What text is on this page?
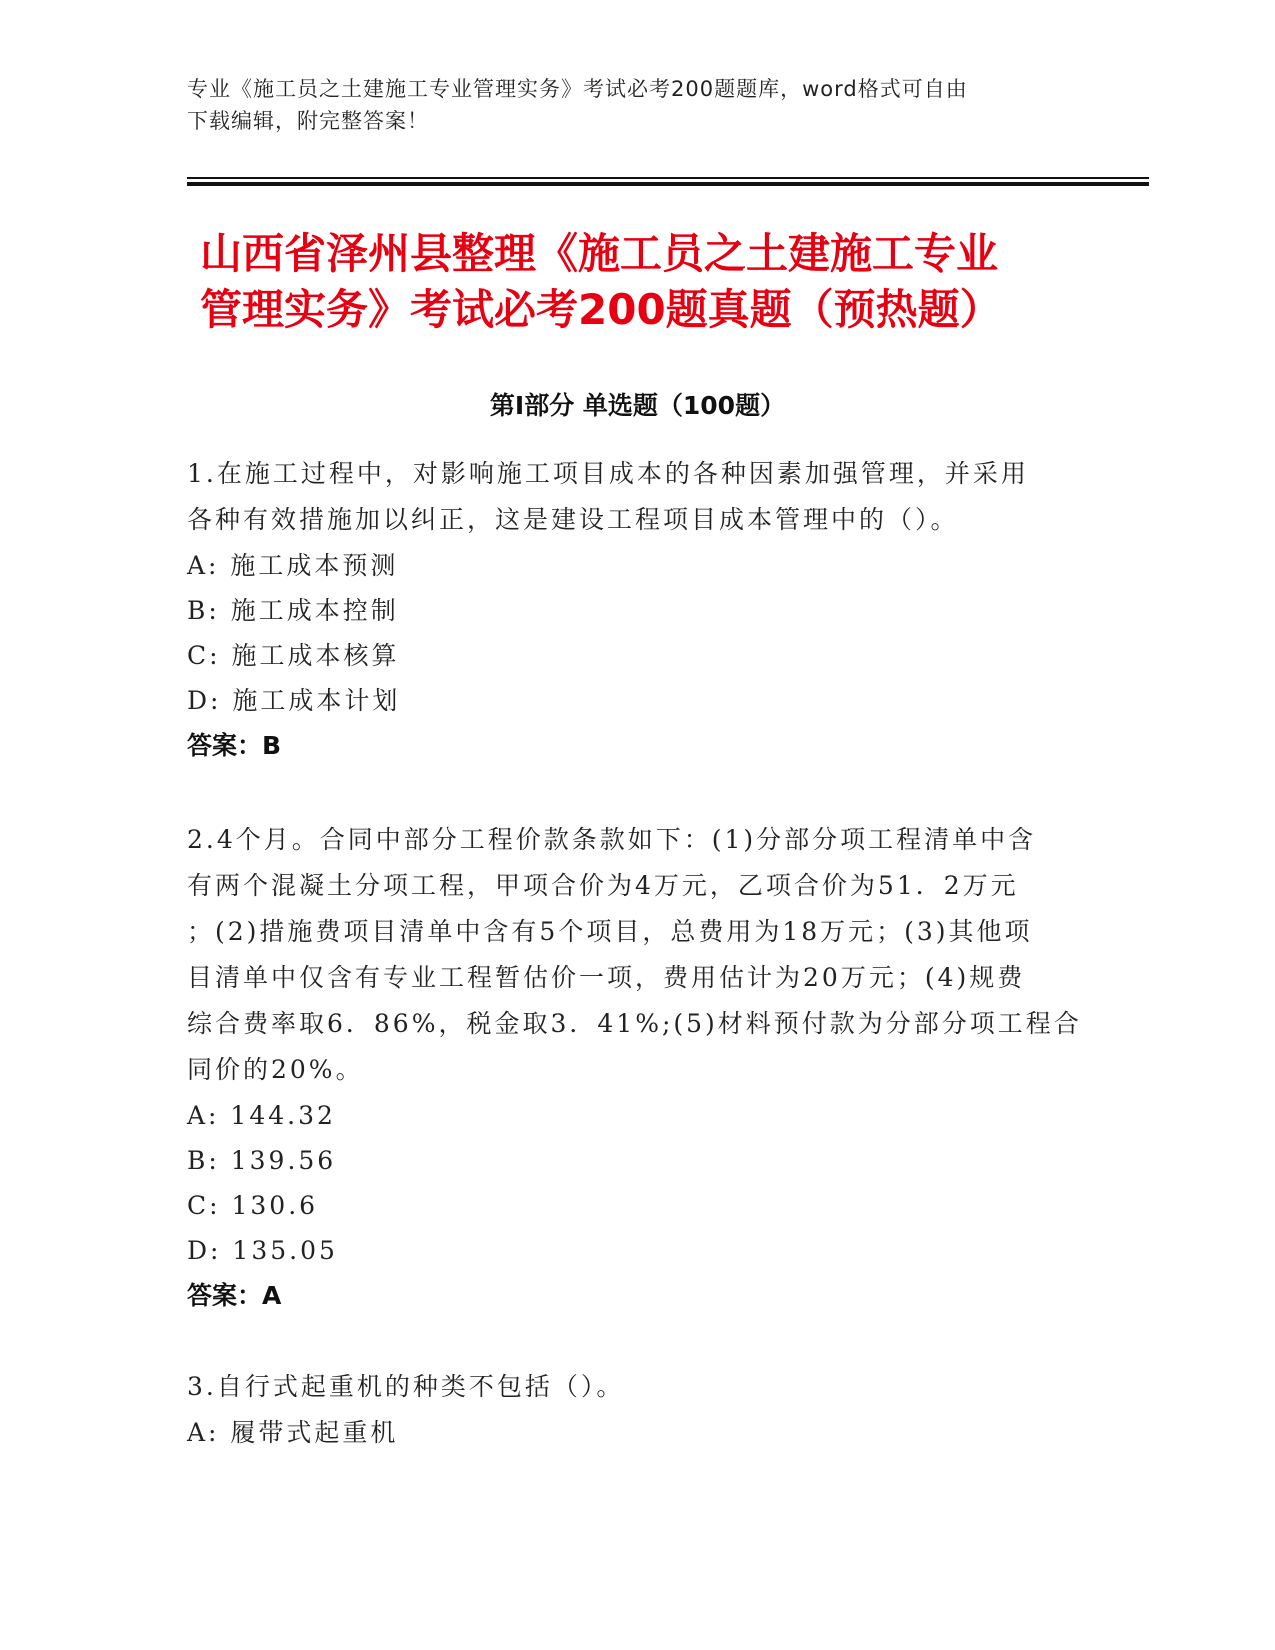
专业《施工员之土建施工专业管理实务》考试必考200题题库，word格式可自由
下载编辑，附完整答案！
山西省泽州县整理《施工员之土建施工专业
管理实务》考试必考200题真题（预热题）
第Ⅰ部分 单选题（100题）
1.在施工过程中，对影响施工项目成本的各种因素加强管理，并采用
各种有效措施加以纠正，这是建设工程项目成本管理中的（）。
A: 施工成本预测
B: 施工成本控制
C: 施工成本核算
D: 施工成本计划
答案：B
2.4个月。合同中部分工程价款条款如下：(1)分部分项工程清单中含
有两个混凝土分项工程，甲项合价为4万元，乙项合价为51．2万元
；(2)措施费项目清单中含有5个项目，总费用为18万元；(3)其他项
目清单中仅含有专业工程暂估价一项，费用估计为20万元；(4)规费
综合费率取6．86%，税金取3．41%;(5)材料预付款为分部分项工程合
同价的20%。
A: 144.32
B: 139.56
C: 130.6
D: 135.05
答案：A
3.自行式起重机的种类不包括（）。
A: 履带式起重机
